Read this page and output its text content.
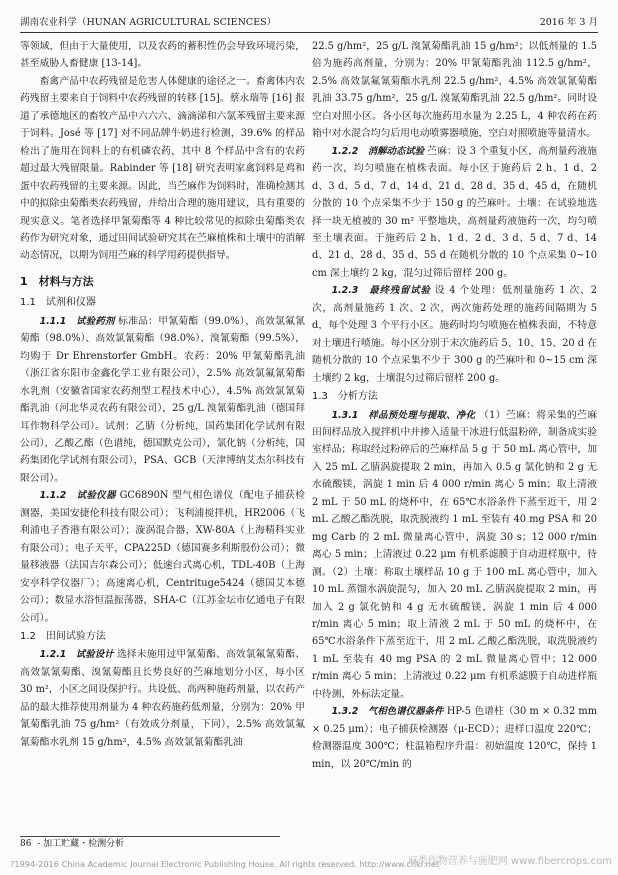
湖南农业科学（HUNAN AGRICULTURAL SCIENCES）	2016 年 3 月

等领域，但由于大量使用，以及农药的蓄积性仍会导致环境污染，甚至威胁人畜健康 [13-14]。

畜禽产品中农药残留是危害人体健康的途径之一。畜禽体内农药残留主要来自于饲料中农药残留的转移 [15]。蔡永瑞等 [16] 报道了承德地区的畜牧产品中六六六、滴滴涕和六氯苯残留主要来源于饲料。José 等 [17] 对不同品牌牛奶进行检测，39.6% 的样品检出了施用在饲料上的有机磷农药，其中 8 个样品中含有的农药超过最大残留限量。Rabinder 等 [18] 研究表明家禽饲料是鸡和蛋中农药残留的主要来源。因此，当苎麻作为饲料时，准确检测其中的拟除虫菊酯类农药残留，并给出合理的施用建议，具有重要的现实意义。笔者选择甲氰菊酯等 4 种比较常见的拟除虫菊酯类农药作为研究对象，通过田间试验研究其在苎麻植株和土壤中的消解动态情况，以期为饲用苎麻的科学用药提供指导。

1　材料与方法
1.1　试剂和仪器

1.1.1　试验药剂 标准品：甲氰菊酯（99.0%）、高效氯氟氰菊酯（98.0%）、高效氯氰菊酯（98.0%）、溴氰菊酯（99.5%），均购于 Dr Ehrenstorfer GmbH。农药：20% 甲氰菊酯乳油（浙江省东阳市金鑫化学工业有限公司），2.5% 高效氯氟氰菊酯水乳剂（安徽省国家农药剂型工程技术中心），4.5% 高效氯氰菊酯乳油（河北华灵农药有限公司），25 g/L 溴氰菊酯乳油（德国拜耳作物科学公司）。试剂：乙腈（分析纯，国药集团化学试剂有限公司），乙酸乙酯（色谱纯，德国默克公司），氯化钠（分析纯，国药集团化学试剂有限公司），PSA、GCB（天津博纳艾杰尔科技有限公司）。

1.1.2　试验仪器 GC6890N 型气相色谱仪（配电子捕获检测器，美国安捷伦科技有限公司）；飞利浦搅拌机，HR2006（飞利浦电子香港有限公司）；漩涡混合器，XW-80A（上海精科实业有限公司）；电子天平，CPA225D（德国赛多利斯股份公司）；微量移液器（法国吉尔森公司）；低速台式离心机，TDL-40B（上海安亭科学仪器厂）；高速离心机，Centrituge5424（德国艾本德公司）；数显水浴恒温振荡器，SHA-C（江苏金坛市亿通电子有限公司）。

1.2　田间试验方法

1.2.1　试验设计 选择未施用过甲氰菊酯、高效氯氟氰菊酯、高效氯氰菊酯、溴氰菊酯且长势良好的苎麻地划分小区，每小区 30 m²，小区之间设保护行。共设低、高两种施药剂量，以农药产品的最大推荐使用剂量为 4 种农药施药低剂量，分别为：20% 甲氰菊酯乳油 75 g/hm²（有效成分剂量，下同），2.5% 高效氯氟氰菊酯水乳剂 15 g/hm²，4.5% 高效氯氰菊酯乳油

22.5 g/hm²，25 g/L 溴氰菊酯乳油 15 g/hm²；以低剂量的 1.5 倍为施药高剂量，分别为：20% 甲氰菊酯乳油 112.5 g/hm²，2.5% 高效氯氟氰菊酯水乳剂 22.5 g/hm²，4.5% 高效氯氰菊酯乳油 33.75 g/hm²，25 g/L 溴氰菊酯乳油 22.5 g/hm²。同时设空白对照小区。各小区每次施药用水量为 2.25 L，4 种农药在药箱中对水混合均匀后用电动喷雾器喷施，空白对照喷施等量清水。

1.2.2　消解动态试验 苎麻：设 3 个重复小区，高剂量药液施药一次，均匀喷施在植株表面。每小区于施药后 2 h、1 d、2 d、3 d、5 d、7 d、14 d、21 d、28 d、35 d、45 d，在随机分散的 10 个点采集不少于 150 g 的苎麻叶。土壤：在试验地选择一块无植被的 30 m² 平整地块，高剂量药液施药一次，均匀喷至土壤表面。于施药后 2 h、1 d、2 d、3 d、5 d、7 d、14 d、21 d、28 d、35 d、55 d 在随机分散的 10 个点采集 0~10 cm 深土壤约 2 kg，混匀过筛后留样 200 g。

1.2.3　最终残留试验 设 4 个处理：低剂量施药 1 次、2 次，高剂量施药 1 次、2 次，两次施药处理的施药间隔期为 5 d，每个处理 3 个平行小区。施药时均匀喷施在植株表面，不特意对土壤进行喷施。每小区分别于末次施药后 5、10、15、20 d 在随机分散的 10 个点采集不少于 300 g 的苎麻叶和 0~15 cm 深土壤约 2 kg，土壤混匀过筛后留样 200 g。

1.3　分析方法

1.3.1　样品预处理与提取、净化 （1）苎麻：将采集的苎麻田间样品放入搅拌机中并掺入适量干冰进行低温粉碎，制备成实验室样品；称取经过粉碎后的苎麻样品 5 g 于 50 mL 离心管中，加入 25 mL 乙腈涡旋提取 2 min，再加入 0.5 g 氯化钠和 2 g 无水硫酸镁，涡旋 1 min 后 4 000 r/min 离心 5 min；取上清液 2 mL 于 50 mL 的烧杯中，在 65℃水浴条件下蒸至近干，用 2 mL 乙酸乙酯洗脱，取洗脱液约 1 mL 至装有 40 mg PSA 和 20 mg Carb 的 2 mL 微量离心管中，涡旋 30 s；12 000 r/min 离心 5 min；上清液过 0.22 μm 有机系滤膜于自动进样瓶中，待测。（2）土壤：称取土壤样品 10 g 于 100 mL 离心管中，加入 10 mL 蒸馏水涡旋混匀，加入 20 mL 乙腈涡旋提取 2 min，再加入 2 g 氯化钠和 4 g 无水硫酸镁，涡旋 1 min 后 4 000 r/min 离心 5 min；取上清液 2 mL 于 50 mL 的烧杯中，在 65℃水浴条件下蒸至近干，用 2 mL 乙酸乙酯洗脱，取洗脱液约 1 mL 至装有 40 mg PSA 的 2 mL 微量离心管中；12 000 r/min 离心 5 min；上清液过 0.22 μm 有机系滤膜于自动进样瓶中待测，外标法定量。

1.3.2　气相色谱仪器条件 HP-5 色谱柱（30 m × 0.32 mm × 0.25 μm）；电子捕获检测器（μ-ECD）；进样口温度 220℃；检测器温度 300℃；柱温箱程序升温：初始温度 120℃，保持 1 min，以 20℃/min 的

86 - 加工贮藏・检测分析
?1994-2016 China Academic Journal Electronic Publishing House. All rights reserved. http://www.cnki.net
麻类作物营养与施肥网 www.fibercrops.com
